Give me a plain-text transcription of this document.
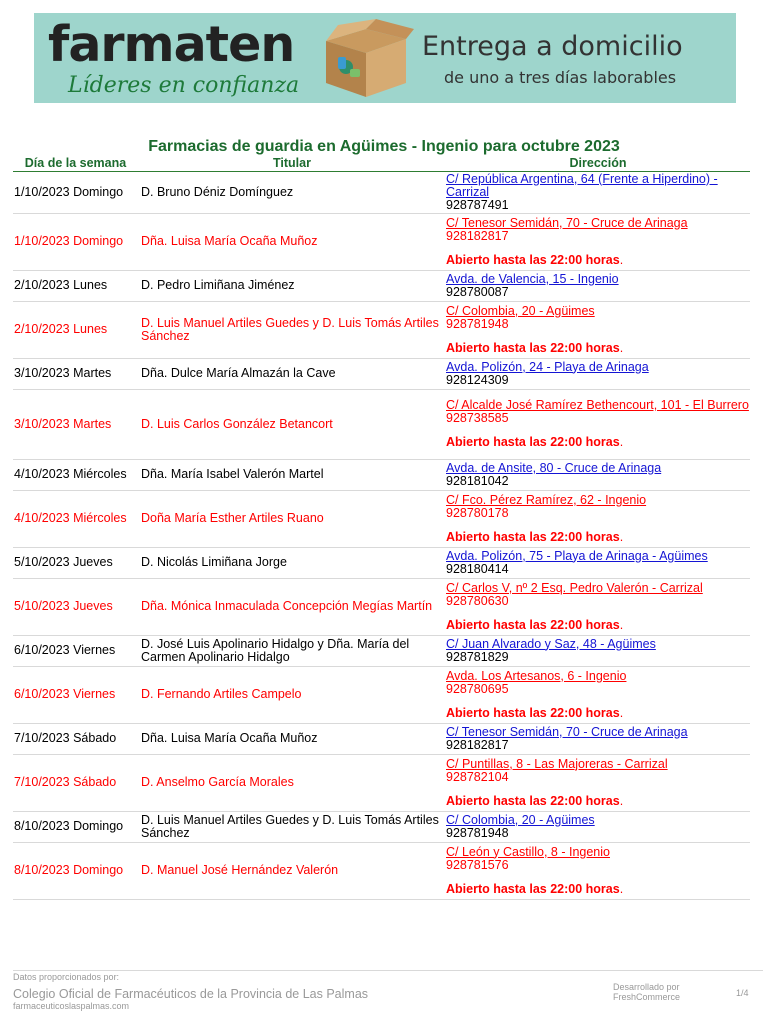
farmaten
Líderes en confianza
Entrega a domicilio
de uno a tres días laborables
Farmacias de guardia en Agüimes - Ingenio para octubre 2023
Día de la semana	Titular	Dirección
1/10/2023 Domingo	D. Bruno Déniz Domínguez	C/ República Argentina, 64 (Frente a Hiperdino) - Carrizal
928787491

1/10/2023 Domingo	Dña. Luisa María Ocaña Muñoz	C/ Tenesor Semidán, 70 - Cruce de Arinaga
928182817
Abierto hasta las 22:00 horas.

2/10/2023 Lunes	D. Pedro Limiñana Jiménez	Avda. de Valencia, 15 - Ingenio
928780087

2/10/2023 Lunes	D. Luis Manuel Artiles Guedes y D. Luis Tomás Artiles Sánchez	C/ Colombia, 20 - Agüimes
928781948
Abierto hasta las 22:00 horas.

3/10/2023 Martes	Dña. Dulce María Almazán la Cave	Avda. Polizón, 24 - Playa de Arinaga
928124309

3/10/2023 Martes	D. Luis Carlos González Betancort	C/ Alcalde José Ramírez Bethencourt, 101 - El Burrero
928738585
Abierto hasta las 22:00 horas.

4/10/2023 Miércoles	Dña. María Isabel Valerón Martel	Avda. de Ansite, 80 - Cruce de Arinaga
928181042

4/10/2023 Miércoles	Doña María Esther Artiles Ruano	C/ Fco. Pérez Ramírez, 62 - Ingenio
928780178
Abierto hasta las 22:00 horas.

5/10/2023 Jueves	D. Nicolás Limiñana Jorge	Avda. Polizón, 75 - Playa de Arinaga - Agüimes
928180414

5/10/2023 Jueves	Dña. Mónica Inmaculada Concepción Megías Martín	C/ Carlos V, nº 2 Esq. Pedro Valerón - Carrizal
928780630
Abierto hasta las 22:00 horas.

6/10/2023 Viernes	D. José Luis Apolinario Hidalgo y Dña. María del Carmen Apolinario Hidalgo	C/ Juan Alvarado y Saz, 48 - Agüimes
928781829

6/10/2023 Viernes	D. Fernando Artiles Campelo	Avda. Los Artesanos, 6 - Ingenio
928780695
Abierto hasta las 22:00 horas.

7/10/2023 Sábado	Dña. Luisa María Ocaña Muñoz	C/ Tenesor Semidán, 70 - Cruce de Arinaga
928182817

7/10/2023 Sábado	D. Anselmo García Morales	C/ Puntillas, 8 - Las Majoreras - Carrizal
928782104
Abierto hasta las 22:00 horas.

8/10/2023 Domingo	D. Luis Manuel Artiles Guedes y D. Luis Tomás Artiles Sánchez	C/ Colombia, 20 - Agüimes
928781948

8/10/2023 Domingo	D. Manuel José Hernández Valerón	C/ León y Castillo, 8 - Ingenio
928781576
Abierto hasta las 22:00 horas.
Datos proporcionados por:
Colegio Oficial de Farmacéuticos de la Provincia de Las Palmas
farmaceuticoslaspalmas.com
Desarrollado por
FreshCommerce	1/4
